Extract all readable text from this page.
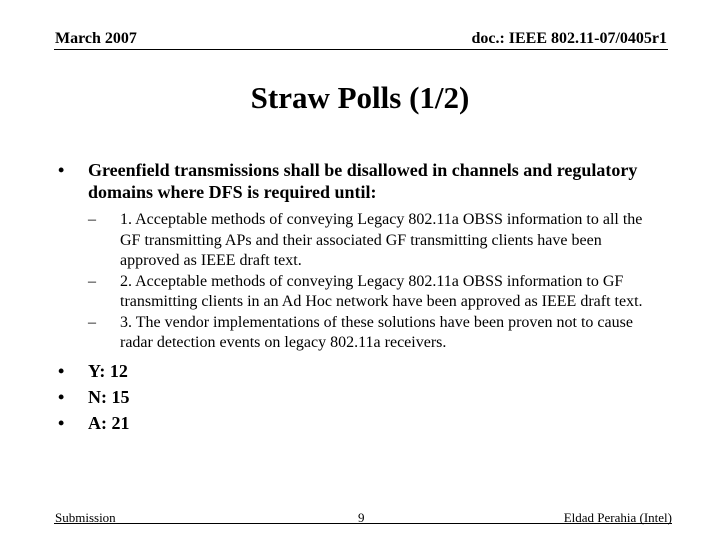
March 2007	doc.: IEEE 802.11-07/0405r1
Straw Polls (1/2)
• Greenfield transmissions shall be disallowed in channels and regulatory domains where DFS is required until:
– 1. Acceptable methods of conveying Legacy 802.11a OBSS information to all the GF transmitting APs and their associated GF transmitting clients have been approved as IEEE draft text.
– 2. Acceptable methods of conveying Legacy 802.11a OBSS information to GF transmitting clients in an Ad Hoc network have been approved as IEEE draft text.
– 3. The vendor implementations of these solutions have been proven not to cause radar detection events on legacy 802.11a receivers.
• Y: 12
• N: 15
• A: 21
Submission	9	Eldad Perahia (Intel)
